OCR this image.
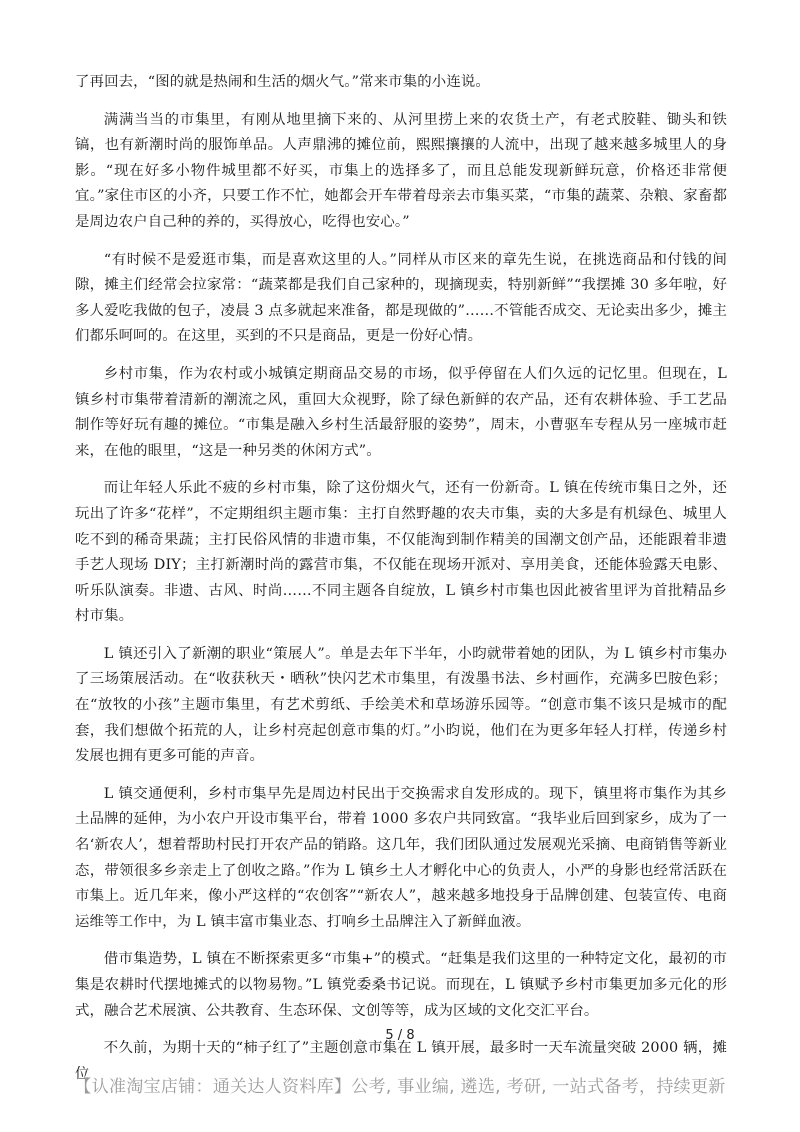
了再回去，“图的就是热闹和生活的烟火气。”常来市集的小连说。

满满当当的市集里，有刚从地里摘下来的、从河里捞上来的农货土产，有老式胶鞋、锄头和铁镐，也有新潮时尚的服饰单品。人声鼎沸的摊位前，熙熙攘攘的人流中，出现了越来越多城里人的身影。“现在好多小物件城里都不好买，市集上的选择多了，而且总能发现新鲜玩意，价格还非常便宜。”家住市区的小齐，只要工作不忙，她都会开车带着母亲去市集买菜，“市集的蔬菜、杂粮、家畜都是周边农户自己种的养的，买得放心，吃得也安心。”

“有时候不是爱逛市集，而是喜欢这里的人。”同样从市区来的章先生说，在挑选商品和付钱的间隙，摊主们经常会拉家常：“蔬菜都是我们自己家种的，现摘现卖，特别新鲜”“我摆摊 30 多年啦，好多人爱吃我做的包子，凌晨 3 点多就起来准备，都是现做的”……不管能否成交、无论卖出多少，摊主们都乐呵呵的。在这里，买到的不只是商品，更是一份好心情。

乡村市集，作为农村或小城镇定期商品交易的市场，似乎停留在人们久远的记忆里。但现在，L 镇乡村市集带着清新的潮流之风，重回大众视野，除了绿色新鲜的农产品，还有农耕体验、手工艺品制作等好玩有趣的摊位。“市集是融入乡村生活最舒服的姿势”，周末，小曹驱车专程从另一座城市赶来，在他的眼里，“这是一种另类的休闲方式”。

而让年轻人乐此不疲的乡村市集，除了这份烟火气，还有一份新奇。L 镇在传统市集日之外，还玩出了许多“花样”，不定期组织主题市集：主打自然野趣的农夫市集，卖的大多是有机绿色、城里人吃不到的稀奇果蔬；主打民俗风情的非遗市集，不仅能淘到制作精美的国潮文创产品，还能跟着非遗手艺人现场 DIY；主打新潮时尚的露营市集，不仅能在现场开派对、享用美食，还能体验露天电影、听乐队演奏。非遗、古风、时尚……不同主题各自绽放，L 镇乡村市集也因此被省里评为首批精品乡村市集。

L 镇还引入了新潮的职业“策展人”。单是去年下半年，小昀就带着她的团队，为 L 镇乡村市集办了三场策展活动。在“收获秋天・晒秋”快闪艺术市集里，有泼墨书法、乡村画作，充满多巴胺色彩；在“放牧的小孩”主题市集里，有艺术剪纸、手绘美术和草场游乐园等。“创意市集不该只是城市的配套，我们想做个拓荒的人，让乡村亮起创意市集的灯。”小昀说，他们在为更多年轻人打样，传递乡村发展也拥有更多可能的声音。

L 镇交通便利，乡村市集早先是周边村民出于交换需求自发形成的。现下，镇里将市集作为其乡土品牌的延伸，为小农户开设市集平台，带着 1000 多农户共同致富。“我毕业后回到家乡，成为了一名‘新农人’，想着帮助村民打开农产品的销路。这几年，我们团队通过发展观光采摘、电商销售等新业态，带领很多乡亲走上了创收之路。”作为 L 镇乡土人才孵化中心的负责人，小严的身影也经常活跃在市集上。近几年来，像小严这样的“农创客”“新农人”，越来越多地投身于品牌创建、包装宣传、电商运维等工作中，为 L 镇丰富市集业态、打响乡土品牌注入了新鲜血液。

借市集造势，L 镇在不断探索更多“市集+”的模式。“赶集是我们这里的一种特定文化，最初的市集是农耕时代摆地摊式的以物易物。”L 镇党委桑书记说。而现在，L 镇赋予乡村市集更加多元化的形式，融合艺术展演、公共教育、生态环保、文创等等，成为区域的文化交汇平台。

不久前，为期十天的“柿子红了”主题创意市集在 L 镇开展，最多时一天车流量突破 2000 辆，摊位

5 / 8
【认准淘宝店铺：通关达人资料库】公考, 事业编, 遴选, 考研, 一站式备考，持续更新
